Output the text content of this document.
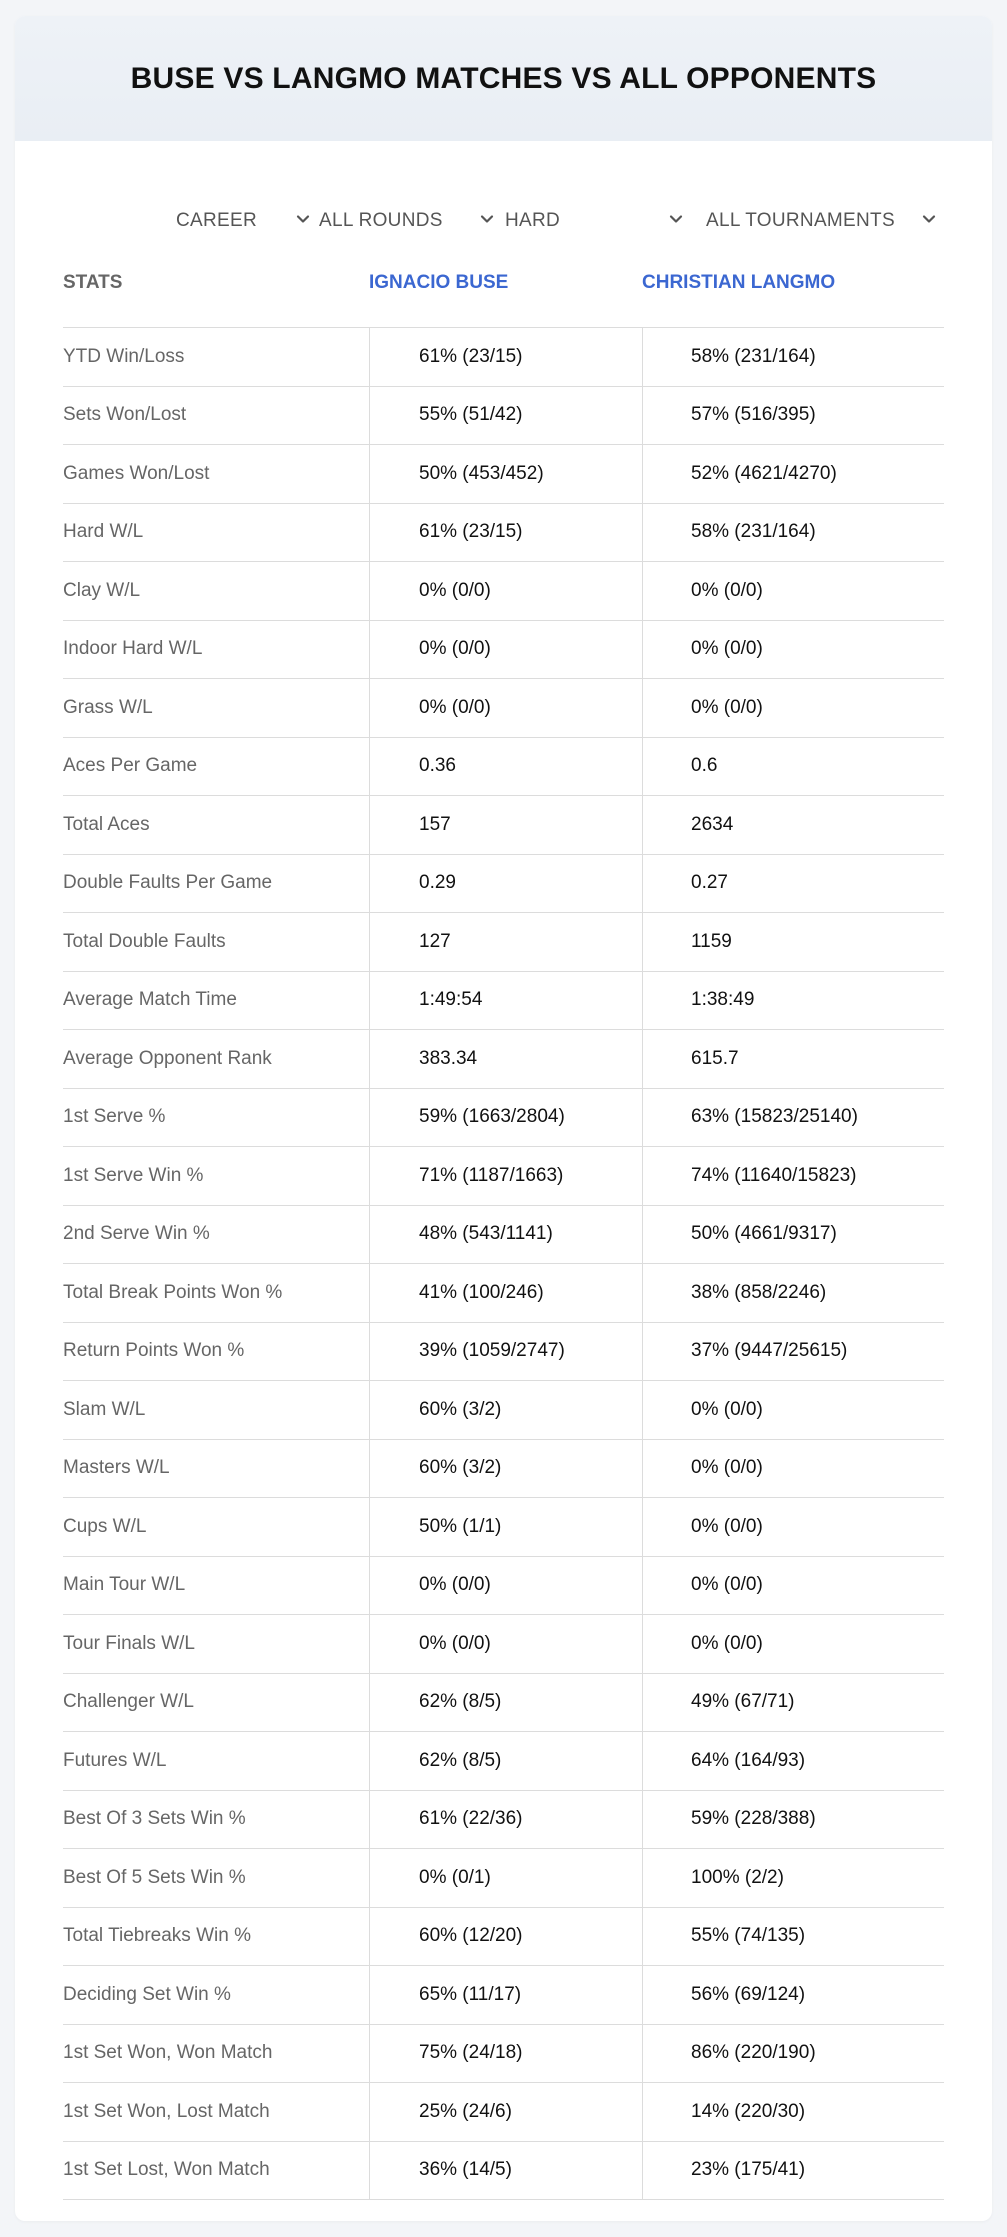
BUSE VS LANGMO MATCHES VS ALL OPPONENTS
CAREER	ALL ROUNDS	HARD	ALL TOURNAMENTS
STATS	IGNACIO BUSE	CHRISTIAN LANGMO
YTD Win/Loss	61% (23/15)	58% (231/164)
Sets Won/Lost	55% (51/42)	57% (516/395)
Games Won/Lost	50% (453/452)	52% (4621/4270)
Hard W/L	61% (23/15)	58% (231/164)
Clay W/L	0% (0/0)	0% (0/0)
Indoor Hard W/L	0% (0/0)	0% (0/0)
Grass W/L	0% (0/0)	0% (0/0)
Aces Per Game	0.36	0.6
Total Aces	157	2634
Double Faults Per Game	0.29	0.27
Total Double Faults	127	1159
Average Match Time	1:49:54	1:38:49
Average Opponent Rank	383.34	615.7
1st Serve %	59% (1663/2804)	63% (15823/25140)
1st Serve Win %	71% (1187/1663)	74% (11640/15823)
2nd Serve Win %	48% (543/1141)	50% (4661/9317)
Total Break Points Won %	41% (100/246)	38% (858/2246)
Return Points Won %	39% (1059/2747)	37% (9447/25615)
Slam W/L	60% (3/2)	0% (0/0)
Masters W/L	60% (3/2)	0% (0/0)
Cups W/L	50% (1/1)	0% (0/0)
Main Tour W/L	0% (0/0)	0% (0/0)
Tour Finals W/L	0% (0/0)	0% (0/0)
Challenger W/L	62% (8/5)	49% (67/71)
Futures W/L	62% (8/5)	64% (164/93)
Best Of 3 Sets Win %	61% (22/36)	59% (228/388)
Best Of 5 Sets Win %	0% (0/1)	100% (2/2)
Total Tiebreaks Win %	60% (12/20)	55% (74/135)
Deciding Set Win %	65% (11/17)	56% (69/124)
1st Set Won, Won Match	75% (24/18)	86% (220/190)
1st Set Won, Lost Match	25% (24/6)	14% (220/30)
1st Set Lost, Won Match	36% (14/5)	23% (175/41)
